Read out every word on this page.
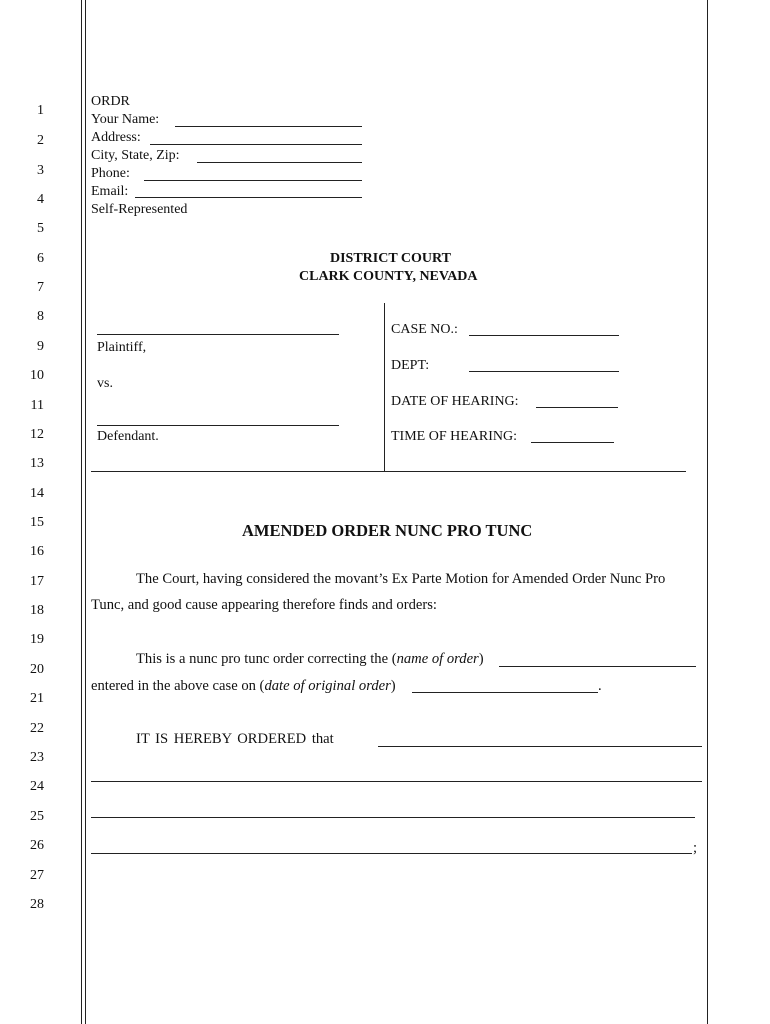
1
2
3
4
5
6
7
8
9
10
11
12
13
14
15
16
17
18
19
20
21
22
23
24
25
26
27
28
ORDR
Your Name:
Address:
City, State, Zip:
Phone:
Email:
Self-Represented
DISTRICT COURT
CLARK COUNTY, NEVADA
Plaintiff,
vs.
Defendant.
CASE NO.:
DEPT:
DATE OF HEARING:
TIME OF HEARING:
AMENDED ORDER NUNC PRO TUNC
The Court, having considered the movant’s Ex Parte Motion for Amended Order Nunc Pro
Tunc, and good cause appearing therefore finds and orders:
This is a nunc pro tunc order correcting the (name of order)
entered in the above case on (date of original order)	.
IT IS HEREBY ORDERED that
;
